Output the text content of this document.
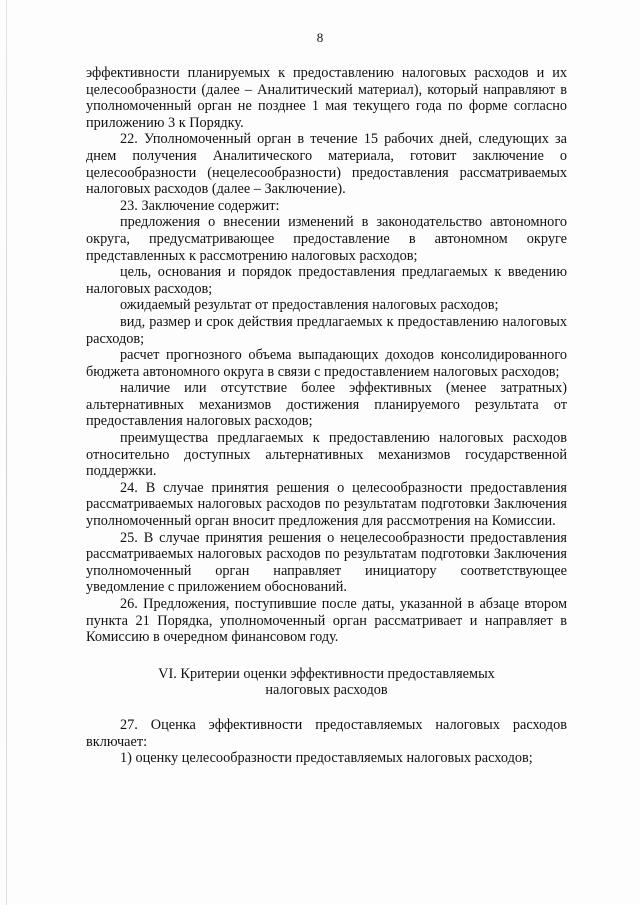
8

эффективности планируемых к предоставлению налоговых расходов и их целесообразности (далее – Аналитический материал), который направляют в уполномоченный орган не позднее 1 мая текущего года по форме согласно приложению 3 к Порядку.

22. Уполномоченный орган в течение 15 рабочих дней, следующих за днем получения Аналитического материала, готовит заключение о целесообразности (нецелесообразности) предоставления рассматриваемых налоговых расходов (далее – Заключение).

23. Заключение содержит:

предложения о внесении изменений в законодательство автономного округа, предусматривающее предоставление в автономном округе представленных к рассмотрению налоговых расходов;

цель, основания и порядок предоставления предлагаемых к введению налоговых расходов;

ожидаемый результат от предоставления налоговых расходов;

вид, размер и срок действия предлагаемых к предоставлению налоговых расходов;

расчет прогнозного объема выпадающих доходов консолидированного бюджета автономного округа в связи с предоставлением налоговых расходов;

наличие или отсутствие более эффективных (менее затратных) альтернативных механизмов достижения планируемого результата от предоставления налоговых расходов;

преимущества предлагаемых к предоставлению налоговых расходов относительно доступных альтернативных механизмов государственной поддержки.

24. В случае принятия решения о целесообразности предоставления рассматриваемых налоговых расходов по результатам подготовки Заключения уполномоченный орган вносит предложения для рассмотрения на Комиссии.

25. В случае принятия решения о нецелесообразности предоставления рассматриваемых налоговых расходов по результатам подготовки Заключения уполномоченный орган направляет инициатору соответствующее уведомление с приложением обоснований.

26. Предложения, поступившие после даты, указанной в абзаце втором пункта 21 Порядка, уполномоченный орган рассматривает и направляет в Комиссию в очередном финансовом году.

VI. Критерии оценки эффективности предоставляемых
налоговых расходов

27. Оценка эффективности предоставляемых налоговых расходов включает:

1) оценку целесообразности предоставляемых налоговых расходов;
